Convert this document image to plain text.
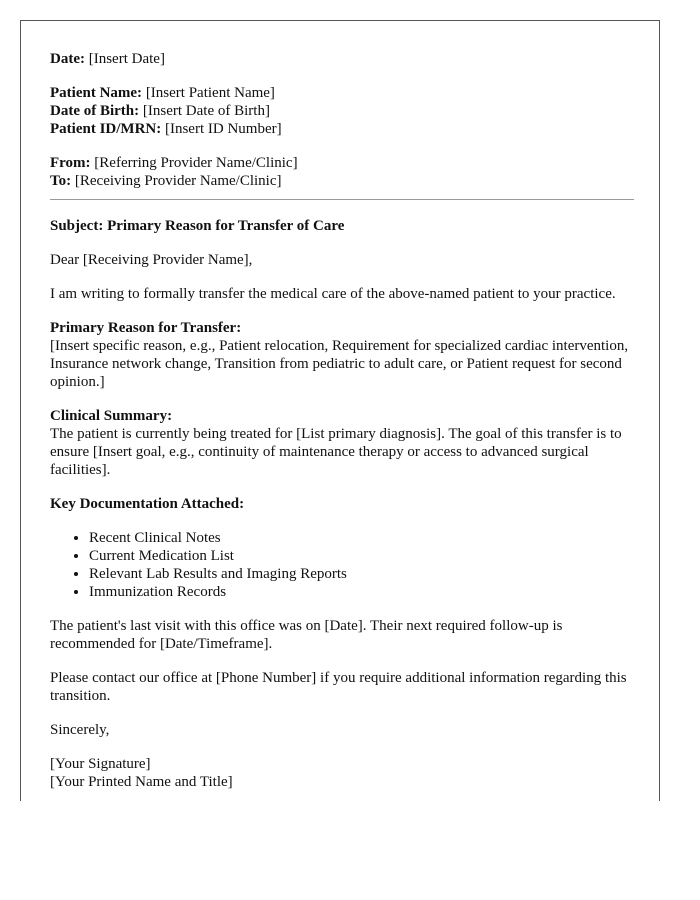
Date: [Insert Date]

Patient Name: [Insert Patient Name]
Date of Birth: [Insert Date of Birth]
Patient ID/MRN: [Insert ID Number]

From: [Referring Provider Name/Clinic]
To: [Receiving Provider Name/Clinic]

Subject: Primary Reason for Transfer of Care

Dear [Receiving Provider Name],

I am writing to formally transfer the medical care of the above-named patient to your practice.

Primary Reason for Transfer:
[Insert specific reason, e.g., Patient relocation, Requirement for specialized cardiac intervention, Insurance network change, Transition from pediatric to adult care, or Patient request for second opinion.]

Clinical Summary:
The patient is currently being treated for [List primary diagnosis]. The goal of this transfer is to ensure [Insert goal, e.g., continuity of maintenance therapy or access to advanced surgical facilities].

Key Documentation Attached:

• Recent Clinical Notes
• Current Medication List
• Relevant Lab Results and Imaging Reports
• Immunization Records

The patient's last visit with this office was on [Date]. Their next required follow-up is recommended for [Date/Timeframe].

Please contact our office at [Phone Number] if you require additional information regarding this transition.

Sincerely,

[Your Signature]
[Your Printed Name and Title]
